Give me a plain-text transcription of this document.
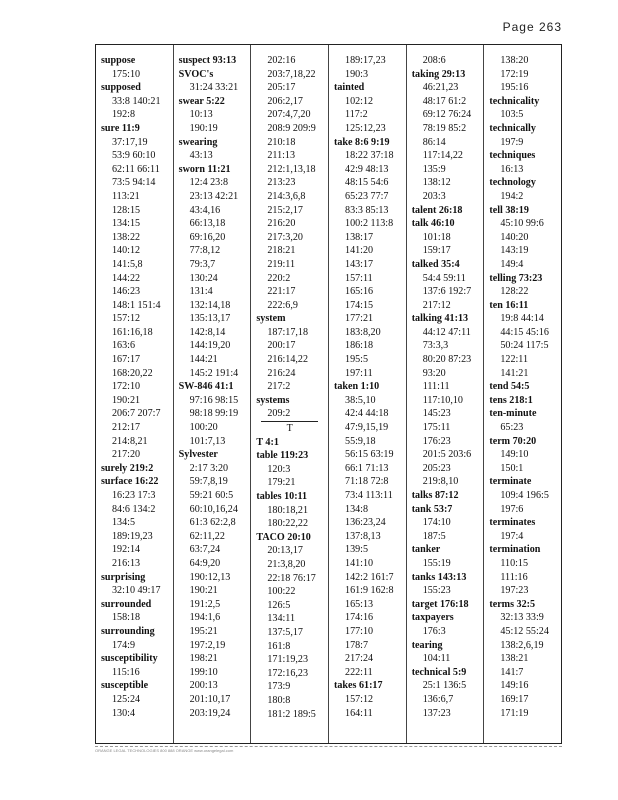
Page 263
suppose
175:10
supposed
33:8 140:21
192:8
sure 11:9
37:17,19
53:9 60:10
62:11 66:11
73:5 94:14
113:21
128:15
134:15
138:22
140:12
141:5,8
144:22
146:23
148:1 151:4
157:12
161:16,18
163:6
167:17
168:20,22
172:10
190:21
206:7 207:7
212:17
214:8,21
217:20
surely 219:2
surface 16:22
16:23 17:3
84:6 134:2
134:5
189:19,23
192:14
216:13
surprising
32:10 49:17
surrounded
158:18
surrounding
174:9
susceptibility
115:16
susceptible
125:24
130:4
suspect 93:13
SVOC's
31:24 33:21
swear 5:22
10:13
190:19
swearing
43:13
sworn 11:21
12:4 23:8
23:13 42:21
43:4,16
66:13,18
69:16,20
77:8,12
79:3,7
130:24
131:4
132:14,18
135:13,17
142:8,14
144:19,20
144:21
145:2 191:4
SW-846 41:1
97:16 98:15
98:18 99:19
100:20
101:7,13
Sylvester
2:17 3:20
59:7,8,19
59:21 60:5
60:10,16,24
61:3 62:2,8
62:11,22
63:7,24
64:9,20
190:12,13
190:21
191:2,5
194:1,6
195:21
197:2,19
198:21
199:10
200:13
201:10,17
203:19,24
202:16
203:7,18,22
205:17
206:2,17
207:4,7,20
208:9 209:9
210:18
211:13
212:1,13,18
213:23
214:3,6,8
215:2,17
216:20
217:3,20
218:21
219:11
220:2
221:17
222:6,9
system
187:17,18
200:17
216:14,22
216:24
217:2
systems
209:2
T
T 4:1
table 119:23
120:3
179:21
tables 10:11
180:18,21
180:22,22
TACO 20:10
20:13,17
21:3,8,20
22:18 76:17
100:22
126:5
134:11
137:5,17
161:8
171:19,23
172:16,23
173:9
180:8
181:2 189:5
189:17,23
190:3
tainted
102:12
117:2
125:12,23
take 8:6 9:19
18:22 37:18
42:9 48:13
48:15 54:6
65:23 77:7
83:3 85:13
100:2 113:8
138:17
141:20
143:17
157:11
165:16
174:15
177:21
183:8,20
186:18
195:5
197:11
taken 1:10
38:5,10
42:4 44:18
47:9,15,19
55:9,18
56:15 63:19
66:1 71:13
71:18 72:8
73:4 113:11
134:8
136:23,24
137:8,13
139:5
141:10
142:2 161:7
161:9 162:8
165:13
174:16
177:10
178:7
217:24
222:11
takes 61:17
157:12
164:11
208:6
taking 29:13
46:21,23
48:17 61:2
69:12 76:24
78:19 85:2
86:14
117:14,22
135:9
138:12
203:3
talent 26:18
talk 46:10
101:18
159:17
talked 35:4
54:4 59:11
137:6 192:7
217:12
talking 41:13
44:12 47:11
73:3,3
80:20 87:23
93:20
111:11
117:10,10
145:23
175:11
176:23
201:5 203:6
205:23
219:8,10
talks 87:12
tank 53:7
174:10
187:5
tanker
155:19
tanks 143:13
155:23
target 176:18
taxpayers
176:3
tearing
104:11
technical 5:9
25:1 136:5
136:6,7
137:23
138:20
172:19
195:16
technicality
103:5
technically
197:9
techniques
16:13
technology
194:2
tell 38:19
45:10 99:6
140:20
143:19
149:4
telling 73:23
128:22
ten 16:11
19:8 44:14
44:15 45:16
50:24 117:5
122:11
141:21
tend 54:5
tens 218:1
ten-minute
65:23
term 70:20
149:10
150:1
terminate
109:4 196:5
197:6
terminates
197:4
termination
110:15
111:16
197:23
terms 32:5
32:13 33:9
45:12 55:24
138:2,6,19
138:21
141:7
149:16
169:17
171:19
ORANGE LEGAL TECHNOLOGIES 800 888 ORANGE www.orangelegal.com
